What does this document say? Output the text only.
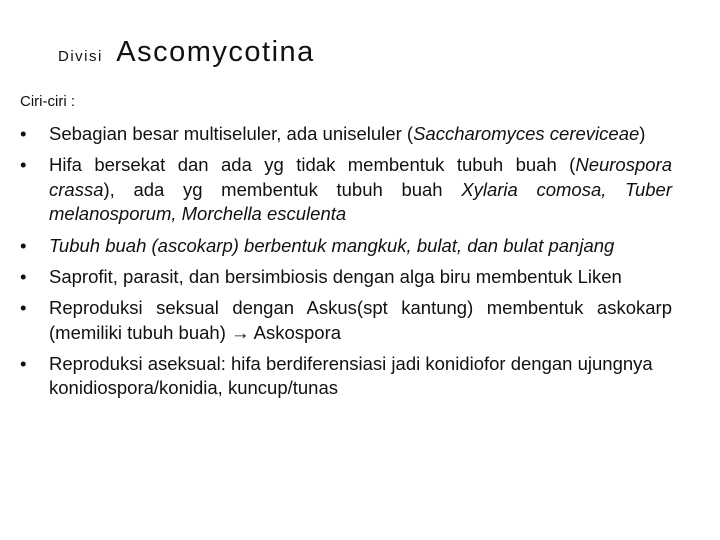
Divisi Ascomycotina
Ciri-ciri :
•
Sebagian besar multiseluler, ada uniseluler (Saccharomyces cereviceae)
•
Hifa bersekat dan ada yg tidak membentuk tubuh buah (Neurospora crassa), ada yg membentuk tubuh buah Xylaria comosa, Tuber melanosporum, Morchella esculenta
•
Tubuh buah (ascokarp) berbentuk mangkuk, bulat, dan bulat panjang
•
Saprofit, parasit, dan bersimbiosis dengan alga biru membentuk Liken
•
Reproduksi seksual dengan Askus(spt kantung) membentuk askokarp (memiliki tubuh buah) → Askospora
•
Reproduksi aseksual: hifa berdiferensiasi jadi konidiofor dengan ujungnya konidiospora/konidia, kuncup/tunas
